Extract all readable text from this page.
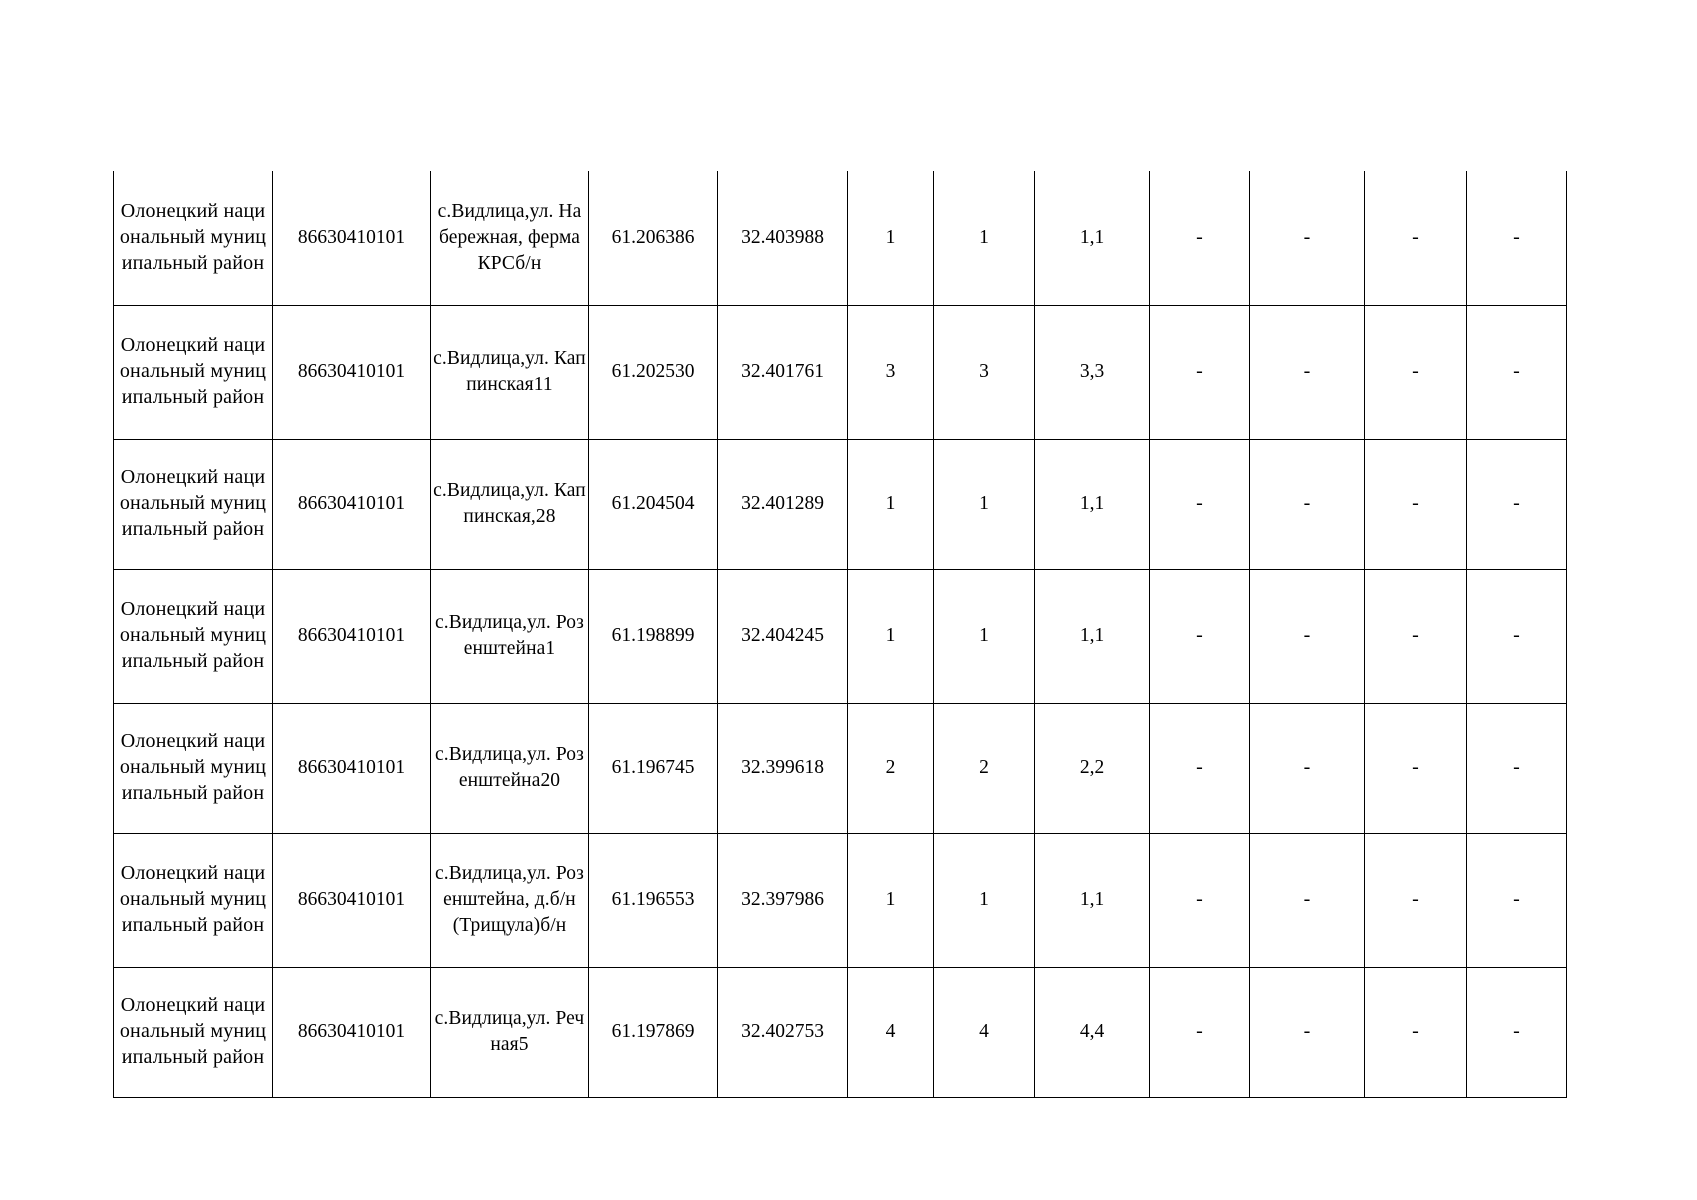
Олонецкий национальный муниципальный район	86630410101	с.Видлица,ул. Набережная, ферма КРСб/н	61.206386	32.403988	1	1	1,1	-	-	-	-
Олонецкий национальный муниципальный район	86630410101	с.Видлица,ул. Каппинская11	61.202530	32.401761	3	3	3,3	-	-	-	-
Олонецкий национальный муниципальный район	86630410101	с.Видлица,ул. Каппинская,28	61.204504	32.401289	1	1	1,1	-	-	-	-
Олонецкий национальный муниципальный район	86630410101	с.Видлица,ул. Розенштейна1	61.198899	32.404245	1	1	1,1	-	-	-	-
Олонецкий национальный муниципальный район	86630410101	с.Видлица,ул. Розенштейна20	61.196745	32.399618	2	2	2,2	-	-	-	-
Олонецкий национальный муниципальный район	86630410101	с.Видлица,ул. Розенштейна, д.б/н (Трищула)б/н	61.196553	32.397986	1	1	1,1	-	-	-	-
Олонецкий национальный муниципальный район	86630410101	с.Видлица,ул. Речная5	61.197869	32.402753	4	4	4,4	-	-	-	-
